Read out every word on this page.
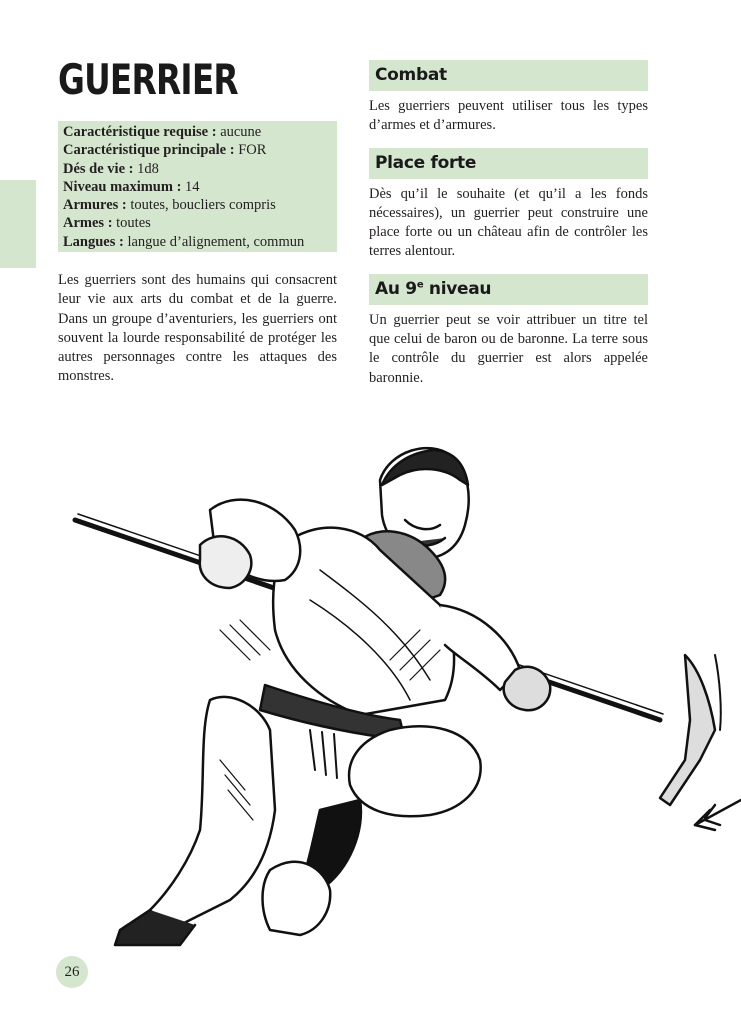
GUERRIER
Caractéristique requise : aucune
Caractéristique principale : FOR
Dés de vie : 1d8
Niveau maximum : 14
Armures : toutes, boucliers compris
Armes : toutes
Langues : langue d’alignement, commun

Les guerriers sont des humains qui consacrent leur vie aux arts du combat et de la guerre. Dans un groupe d’aventuriers, les guerriers ont souvent la lourde responsabilité de protéger les autres personnages contre les attaques des monstres.

Combat

Les guerriers peuvent utiliser tous les types d’armes et d’armures.

Place forte

Dès qu’il le souhaite (et qu’il a les fonds nécessaires), un guerrier peut construire une place forte ou un château afin de contrôler les terres alentour.

Au 9e niveau

Un guerrier peut se voir attribuer un titre tel que celui de baron ou de baronne. La terre sous le contrôle du guerrier est alors appelée baronnie.

26
